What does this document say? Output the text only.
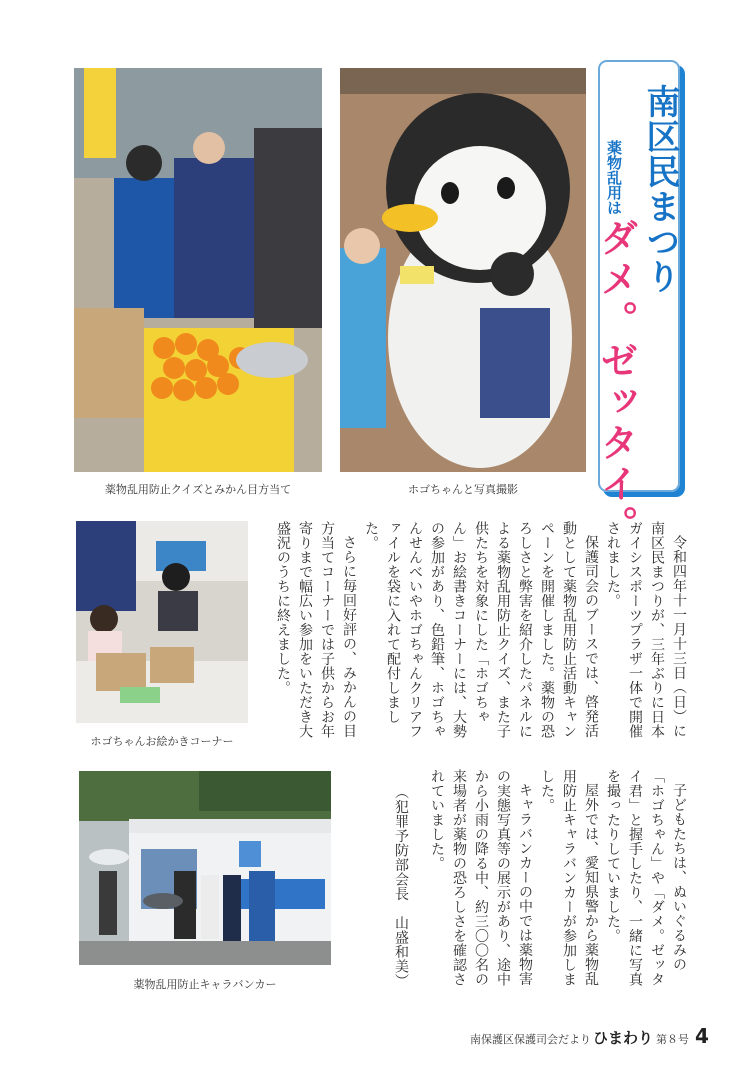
薬物乱用防止クイズとみかん目方当て	ホゴちゃんと写真撮影
南区民まつり
薬物乱用は
ダメ。ゼッタイ。
ホゴちゃんお絵かきコーナー
薬物乱用防止キャラバンカー

令和四年十一月十三日（日）に南区民まつりが、三年ぶりに日本ガイシスポーツプラザ一体で開催されました。

保護司会のブースでは、啓発活動として薬物乱用防止活動キャンペーンを開催しました。薬物の恐ろしさと弊害を紹介したパネルによる薬物乱用防止クイズ、また子供たちを対象にした「ホゴちゃん」お絵書きコーナーには、大勢の参加があり、色鉛筆、ホゴちゃんせんべいやホゴちゃんクリアファイルを袋に入れて配付しました。

さらに毎回好評の、みかんの目方当てコーナーでは子供からお年寄りまで幅広い参加をいただき大盛況のうちに終えました。

子どもたちは、ぬいぐるみの「ホゴちゃん」や「ダメ。ゼッタイ君」と握手したり、一緒に写真を撮ったりしていました。

屋外では、愛知県警から薬物乱用防止キャラバンカーが参加しました。

キャラバンカーの中では薬物害の実態写真等の展示があり、途中から小雨の降る中、約三〇〇名の来場者が薬物の恐ろしさを確認されていました。

（犯罪予防部会長　山盛和美）
南保護区保護司会だより ひまわり 第８号 4
